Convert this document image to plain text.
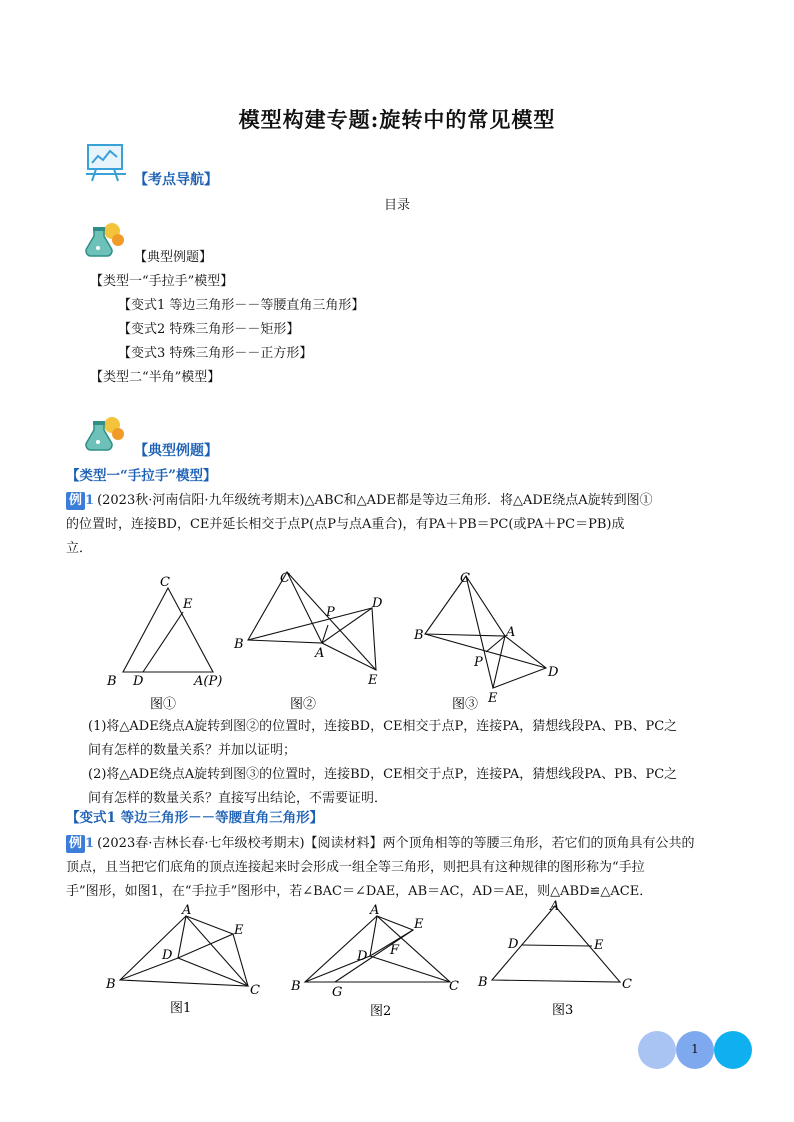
模型构建专题:旋转中的常见模型
【考点导航】
目录
【典型例题】
【类型一“手拉手”模型】
【变式1 等边三角形－－等腰直角三角形】
【变式2 特殊三角形－－矩形】
【变式3 特殊三角形－－正方形】
【类型二“半角”模型】
【典型例题】
【类型一“手拉手”模型】
例 1 (2023秋·河南信阳·九年级统考期末)△ABC和△ADE都是等边三角形．将△ADE绕点A旋转到图①
的位置时，连接BD，CE并延长相交于点P(点P与点A重合)，有PA＋PB＝PC(或PA＋PC＝PB)成
立．
C
E
B D	A(P)
图①
C
D
P
B
A
E
图②
C
B	A
P
D
E
图③
(1)将△ADE绕点A旋转到图②的位置时，连接BD，CE相交于点P，连接PA，猜想线段PA、PB、PC之
间有怎样的数量关系？并加以证明；
(2)将△ADE绕点A旋转到图③的位置时，连接BD，CE相交于点P，连接PA，猜想线段PA、PB、PC之
间有怎样的数量关系？直接写出结论，不需要证明．
【变式1 等边三角形－－等腰直角三角形】
例 1 (2023春·吉林长春·七年级校考期末)【阅读材料】两个顶角相等的等腰三角形，若它们的顶角具有公共的
顶点，且当把它们底角的顶点连接起来时会形成一组全等三角形，则把具有这种规律的图形称为“手拉
手”图形，如图1，在“手拉手”图形中，若∠BAC＝∠DAE，AB＝AC，AD＝AE，则△ABD≌△ACE．
A
E
D
B	C
图1
A
E
F
D
B G	C
图2
A
D	E
B	C
图3
1
